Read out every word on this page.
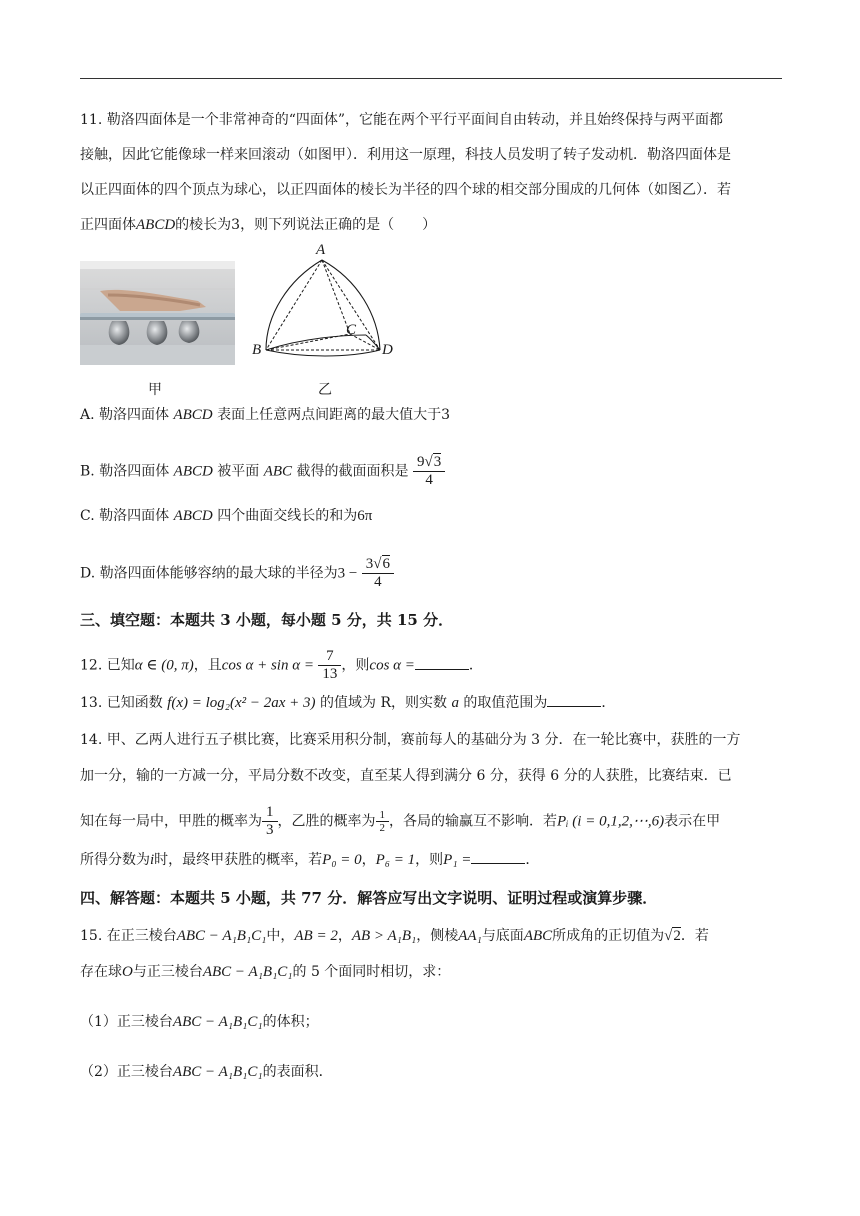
11. 勒洛四面体是一个非常神奇的“四面体”，它能在两个平行平面间自由转动，并且始终保持与两平面都
接触，因此它能像球一样来回滚动（如图甲）．利用这一原理，科技人员发明了转子发动机．勒洛四面体是
以正四面体的四个顶点为球心，以正四面体的棱长为半径的四个球的相交部分围成的几何体（如图乙）．若
正四面体ABCD的棱长为3，则下列说法正确的是（　　）
甲
A
B
C
D
乙
A. 勒洛四面体 ABCD 表面上任意两点间距离的最大值大于3
B. 勒洛四面体 ABCD 被平面 ABC 截得的截面面积是 $\frac{9√3}{4}$
C. 勒洛四面体 ABCD 四个曲面交线长的和为6π
D. 勒洛四面体能够容纳的最大球的半径为$3 - \frac{3√6}{4}$
三、填空题：本题共 3 小题，每小题 5 分，共 15 分．
12. 已知α ∈ (0, π)，且$\cos \alpha + \sin \alpha = \frac{7}{13}$ ，则cos α =	．
13. 已知函数 f(x) = log₂(x² − 2ax + 3) 的值域为 R，则实数 a 的取值范围为	．
14. 甲、乙两人进行五子棋比赛，比赛采用积分制，赛前每人的基础分为 3 分．在一轮比赛中，获胜的一方
加一分，输的一方减一分，平局分数不改变，直至某人得到满分 6 分，获得 6 分的人获胜，比赛结束．已
知在每一局中，甲胜的概率为 $\frac{1}{3}$ ，乙胜的概率为 $\frac{1}{2}$ ，各局的输赢互不影响．若Pᵢ (i = 0,1,2,⋯,6)表示在甲
所得分数为i时，最终甲获胜的概率，若P₀ = 0，P₆ = 1，则P₁ =	．
四、解答题：本题共 5 小题，共 77 分．解答应写出文字说明、证明过程或演算步骤．
15. 在正三棱台ABC − A₁B₁C₁中，AB = 2，AB > A₁B₁，侧棱AA₁与底面ABC所成角的正切值为√2．若
存在球O与正三棱台ABC − A₁B₁C₁的 5 个面同时相切，求：
（1）正三棱台ABC − A₁B₁C₁的体积；
（2）正三棱台ABC − A₁B₁C₁的表面积．
